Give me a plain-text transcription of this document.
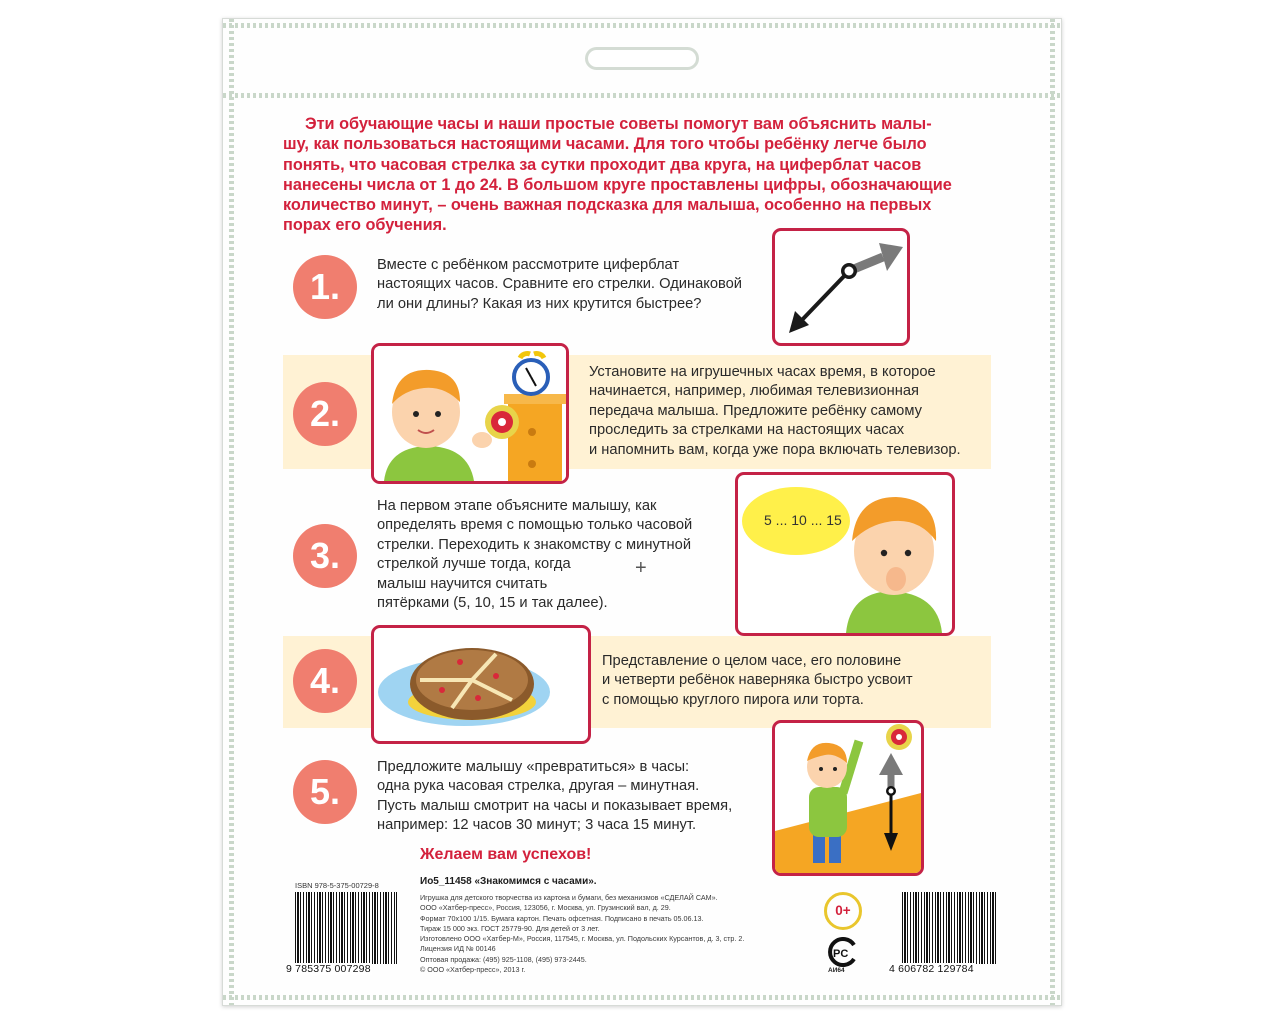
Эти обучающие часы и наши простые советы помогут вам объяснить малы-
шу, как пользоваться настоящими часами. Для того чтобы ребёнку легче было
понять, что часовая стрелка за сутки проходит два круга, на циферблат часов
нанесены числа от 1 до 24. В большом круге проставлены цифры, обозначающие
количество минут, – очень важная подсказка для малыша, особенно на первых
порах его обучения.

1.

Вместе с ребёнком рассмотрите циферблат
настоящих часов. Сравните его стрелки. Одинаковой
ли они длины? Какая из них крутится быстрее?

2.

Установите на игрушечных часах время, в которое
начинается, например, любимая телевизионная
передача малыша. Предложите ребёнку самому
проследить за стрелками на настоящих часах
и напомнить вам, когда уже пора включать телевизор.

3.

На первом этапе объясните малышу, как
определять время с помощью только часовой
стрелки. Переходить к знакомству с минутной
стрелкой лучше тогда, когда
малыш научится считать
пятёрками (5, 10, 15 и так далее).

+
5 ... 10 ... 15
4.	Представление о целом часе, его половине
и четверти ребёнок наверняка быстро усвоит
с помощью круглого пирога или торта.

5.

Предложите малышу «превратиться» в часы:
одна рука часовая стрелка, другая – минутная.
Пусть малыш смотрит на часы и показывает время,
например: 12 часов 30 минут; 3 часа 15 минут.

Желаем вам успехов!

ISBN 978-5-375-00729-8
9 785375 007298

Ио5_11458 «Знакомимся с часами».

Игрушка для детского творчества из картона и бумаги, без механизмов «СДЕЛАЙ САМ».
ООО «Хатбер-пресс», Россия, 123056, г. Москва, ул. Грузинский вал, д. 29.
Формат 70х100 1/15. Бумага картон. Печать офсетная. Подписано в печать 05.06.13.
Тираж 15 000 экз. ГОСТ 25779-90. Для детей от 3 лет.
Изготовлено ООО «Хатбер-М», Россия, 117545, г. Москва, ул. Подольских Курсантов, д. 3, стр. 2.
Лицензия ИД № 00146
Оптовая продажа: (495) 925-1108, (495) 973-2445.
© ООО «Хатбер-пресс», 2013 г.

0+
PC
АИ64	4 606782 129784
